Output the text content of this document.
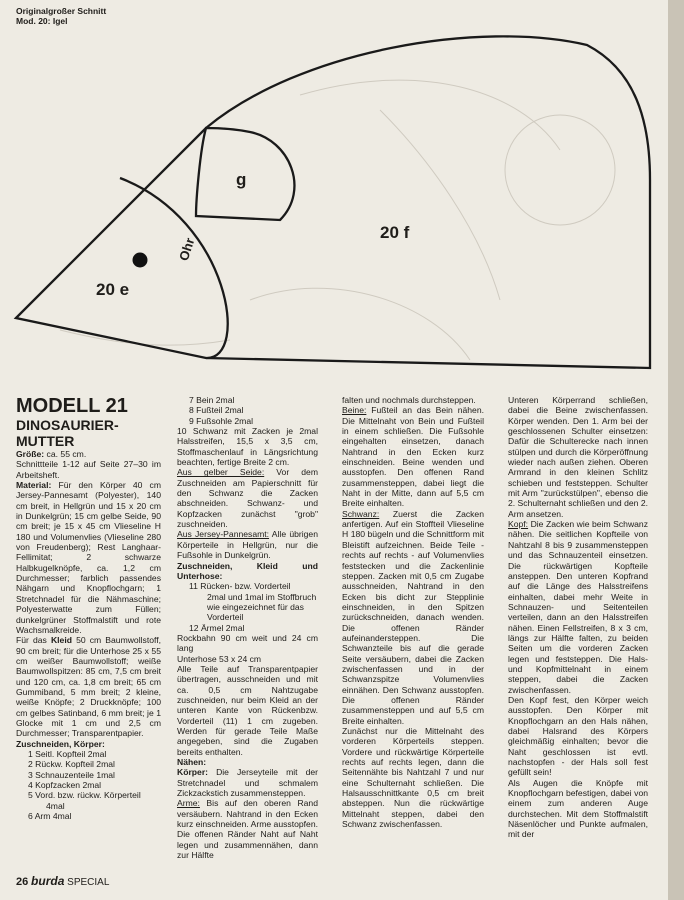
Originalgroßer Schnitt
Mod. 20: Igel
g
20 f
20 e
Ohr

MODELL 21

DINOSAURIER-
MUTTER

Größe: ca. 55 cm.

Schnittteile 1-12 auf Seite 27–30 im Arbeitsheft.

Material: Für den Körper 40 cm Jersey-Pannesamt (Polyester), 140 cm breit, in Hellgrün und 15 x 20 cm in Dunkelgrün; 15 cm gelbe Seide, 90 cm breit; je 15 x 45 cm Vlieseline H 180 und Volumenvlies (Vlieseline 280 von Freudenberg); Rest Langhaar-Fellimitat; 2 schwarze Halbkugelknöpfe, ca. 1,2 cm Durchmesser; farblich passendes Nähgarn und Knopflochgarn; 1 Stretchnadel für die Nähmaschine; Polyesterwatte zum Füllen; dunkelgrüner Stoffmalstift und rote Wachsmalkreide.

Für das Kleid 50 cm Baumwollstoff, 90 cm breit; für die Unterhose 25 x 55 cm weißer Baumwollstoff; weiße Baumwollspitzen: 85 cm, 7,5 cm breit und 120 cm, ca. 1,8 cm breit; 65 cm Gummiband, 5 mm breit; 2 kleine, weiße Knöpfe; 2 Druckknöpfe; 100 cm gelbes Satinband, 6 mm breit; je 1 Glocke mit 1 cm und 2,5 cm Durchmesser; Transparentpapier.

Zuschneiden, Körper:

1 Seitl. Kopfteil 2mal

2 Rückw. Kopfteil 2mal

3 Schnauzenteile 1mal

4 Kopfzacken 2mal

5 Vord. bzw. rückw. Körperteil

4mal

6 Arm 4mal

7 Bein 2mal

8 Fußteil 2mal

9 Fußsohle 2mal

10 Schwanz mit Zacken je 2mal Halsstreifen, 15,5 x 3,5 cm, Stoffmaschenlauf in Längsrichtung beachten, fertige Breite 2 cm.

Aus gelber Seide: Vor dem Zuschneiden am Papierschnitt für den Schwanz die Zacken abschneiden. Schwanz- und Kopfzacken zunächst "grob" zuschneiden.

Aus Jersey-Pannesamt: Alle übrigen Körperteile in Hellgrün, nur die Fußsohle in Dunkelgrün.

Zuschneiden, Kleid und Unterhose:

11 Rücken- bzw. Vorderteil

2mal und 1mal im Stoffbruch wie eingezeichnet für das Vorderteil

12 Ärmel 2mal

Rockbahn 90 cm weit und 24 cm lang

Unterhose 53 x 24 cm

Alle Teile auf Transparentpapier übertragen, ausschneiden und mit ca. 0,5 cm Nahtzugabe zuschneiden, nur beim Kleid an der unteren Kante von Rückenbzw. Vorderteil (11) 1 cm zugeben. Werden für gerade Teile Maße angegeben, sind die Zugaben bereits enthalten.

Nähen:

Körper: Die Jerseyteile mit der Stretchnadel und schmalem Zickzackstich zusammensteppen.

Arme: Bis auf den oberen Rand versäubern. Nahtrand in den Ecken kurz einschneiden. Arme ausstopfen. Die offenen Ränder Naht auf Naht legen und zusammennähen, dann zur Hälfte

falten und nochmals durchsteppen.

Beine: Fußteil an das Bein nähen. Die Mittelnaht von Bein und Fußteil in einem schließen. Die Fußsohle eingehalten einsetzen, danach Nahtrand in den Ecken kurz einschneiden. Beine wenden und ausstopfen. Den offenen Rand zusammensteppen, dabei liegt die Naht in der Mitte, dann auf 5,5 cm Breite einhalten.

Schwanz: Zuerst die Zacken anfertigen. Auf ein Stoffteil Vlieseline H 180 bügeln und die Schnittform mit Bleistift aufzeichnen. Beide Teile - rechts auf rechts - auf Volumenvlies feststecken und die Zackenlinie steppen. Zacken mit 0,5 cm Zugabe ausschneiden, Nahtrand in den Ecken bis dicht zur Stepplinie einschneiden, in den Spitzen zurückschneiden, danach wenden. Die offenen Ränder aufeinandersteppen. Die Schwanzteile bis auf die gerade Seite versäubern, dabei die Zacken zwischenfassen und in der Schwanzspitze Volumenvlies einnähen. Den Schwanz ausstopfen. Die offenen Ränder zusammensteppen und auf 5,5 cm Breite einhalten.

Zunächst nur die Mittelnaht des vorderen Körperteils steppen. Vordere und rückwärtige Körperteile rechts auf rechts legen, dann die Seitennähte bis Nahtzahl 7 und nur eine Schulternaht schließen. Die Halsausschnittkante 0,5 cm breit absteppen. Nun die rückwärtige Mittelnaht steppen, dabei den Schwanz zwischenfassen.

Unteren Körperrand schließen, dabei die Beine zwischenfassen. Körper wenden. Den 1. Arm bei der geschlossenen Schulter einsetzen: Dafür die Schulterecke nach innen stülpen und durch die Körperöffnung wieder nach außen ziehen. Oberen Armrand in den kleinen Schlitz schieben und feststeppen. Schulter mit Arm "zurückstülpen", ebenso die 2. Schulternaht schließen und den 2. Arm ansetzen.

Kopf: Die Zacken wie beim Schwanz nähen. Die seitlichen Kopfteile von Nahtzahl 8 bis 9 zusammensteppen und das Schnauzenteil einsetzen. Die rückwärtigen Kopfteile ansteppen. Den unteren Kopfrand auf die Länge des Halsstreifens einhalten, dabei mehr Weite in Schnauzen- und Seitenteilen verteilen, dann an den Halsstreifen nähen. Einen Fellstreifen, 8 x 3 cm, längs zur Hälfte falten, zu beiden Seiten um die vorderen Zacken legen und feststeppen. Die Hals- und Kopfmittelnaht in einem steppen, dabei die Zacken zwischenfassen.

Den Kopf fest, den Körper weich ausstopfen. Den Körper mit Knopflochgarn an den Hals nähen, dabei Halsrand des Körpers gleichmäßig einhalten; bevor die Naht geschlossen ist evtl. nachstopfen - der Hals soll fest gefüllt sein!

Als Augen die Knöpfe mit Knopflochgarn befestigen, dabei von einem zum anderen Auge durchstechen. Mit dem Stoffmalstift Näsenlöcher und Punkte aufmalen, mit der

26 burda SPECIAL
